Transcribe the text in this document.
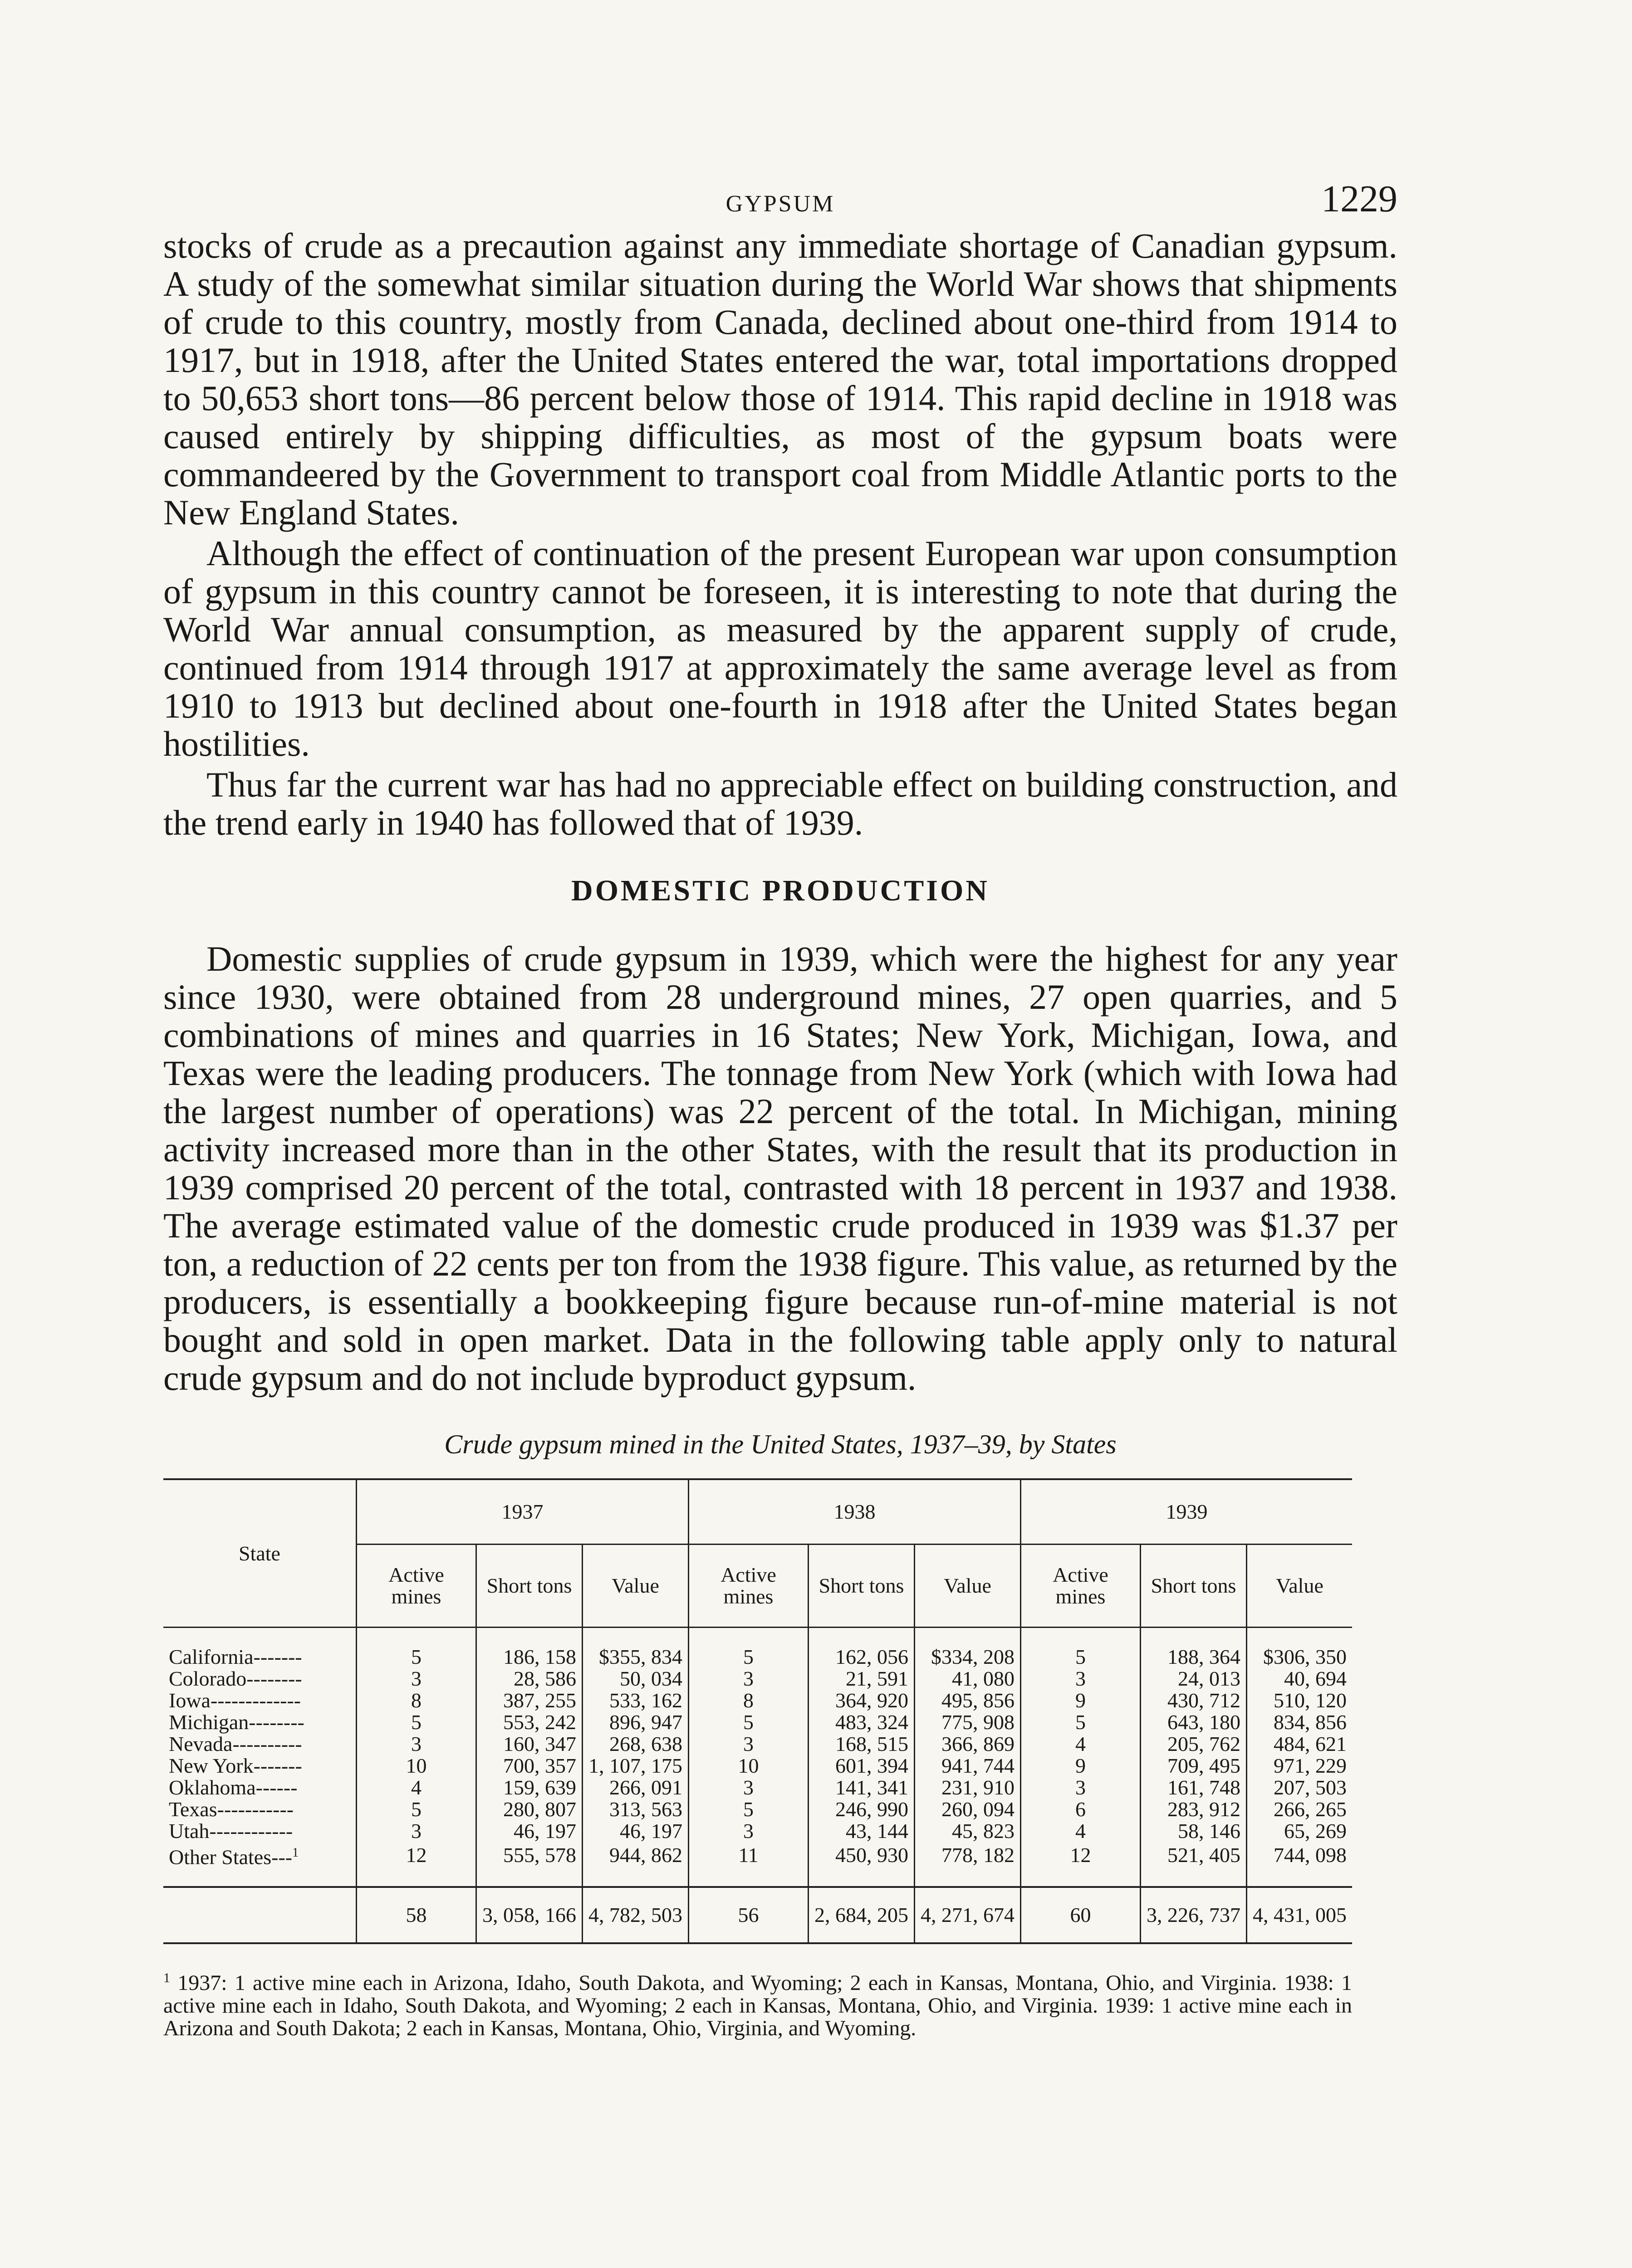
GYPSUM	1229

stocks of crude as a precaution against any immediate shortage of Canadian gypsum. A study of the somewhat similar situation during the World War shows that shipments of crude to this country, mostly from Canada, declined about one-third from 1914 to 1917, but in 1918, after the United States entered the war, total importations dropped to 50,653 short tons—86 percent below those of 1914. This rapid decline in 1918 was caused entirely by shipping difficulties, as most of the gypsum boats were commandeered by the Government to transport coal from Middle Atlantic ports to the New England States.

Although the effect of continuation of the present European war upon consumption of gypsum in this country cannot be foreseen, it is interesting to note that during the World War annual consumption, as measured by the apparent supply of crude, continued from 1914 through 1917 at approximately the same average level as from 1910 to 1913 but declined about one-fourth in 1918 after the United States began hostilities.

Thus far the current war has had no appreciable effect on building construction, and the trend early in 1940 has followed that of 1939.

DOMESTIC PRODUCTION

Domestic supplies of crude gypsum in 1939, which were the highest for any year since 1930, were obtained from 28 underground mines, 27 open quarries, and 5 combinations of mines and quarries in 16 States; New York, Michigan, Iowa, and Texas were the leading producers. The tonnage from New York (which with Iowa had the largest number of operations) was 22 percent of the total. In Michigan, mining activity increased more than in the other States, with the result that its production in 1939 comprised 20 percent of the total, contrasted with 18 percent in 1937 and 1938. The average estimated value of the domestic crude produced in 1939 was $1.37 per ton, a reduction of 22 cents per ton from the 1938 figure. This value, as returned by the producers, is essentially a bookkeeping figure because run-of-mine material is not bought and sold in open market. Data in the following table apply only to natural crude gypsum and do not include byproduct gypsum.

Crude gypsum mined in the United States, 1937–39, by States
State	1937			1938			1939		
	Active mines	Short tons	Value	Active mines	Short tons	Value	Active mines	Short tons	Value
California-------	5	186, 158	$355, 834	5	162, 056	$334, 208	5	188, 364	$306, 350
Colorado--------	3	28, 586	50, 034	3	21, 591	41, 080	3	24, 013	40, 694
Iowa-------------	8	387, 255	533, 162	8	364, 920	495, 856	9	430, 712	510, 120
Michigan--------	5	553, 242	896, 947	5	483, 324	775, 908	5	643, 180	834, 856
Nevada----------	3	160, 347	268, 638	3	168, 515	366, 869	4	205, 762	484, 621
New York-------	10	700, 357	1, 107, 175	10	601, 394	941, 744	9	709, 495	971, 229
Oklahoma------	4	159, 639	266, 091	3	141, 341	231, 910	3	161, 748	207, 503
Texas-----------	5	280, 807	313, 563	5	246, 990	260, 094	6	283, 912	266, 265
Utah------------	3	46, 197	46, 197	3	43, 144	45, 823	4	58, 146	65, 269
Other States---$^1$	12	555, 578	944, 862	11	450, 930	778, 182	12	521, 405	744, 098
	58	3, 058, 166	4, 782, 503	56	2, 684, 205	4, 271, 674	60	3, 226, 737	4, 431, 005
$^1$ 1937: 1 active mine each in Arizona, Idaho, South Dakota, and Wyoming; 2 each in Kansas, Montana, Ohio, and Virginia. 1938: 1 active mine each in Idaho, South Dakota, and Wyoming; 2 each in Kansas, Montana, Ohio, and Virginia. 1939: 1 active mine each in Arizona and South Dakota; 2 each in Kansas, Montana, Ohio, Virginia, and Wyoming.
